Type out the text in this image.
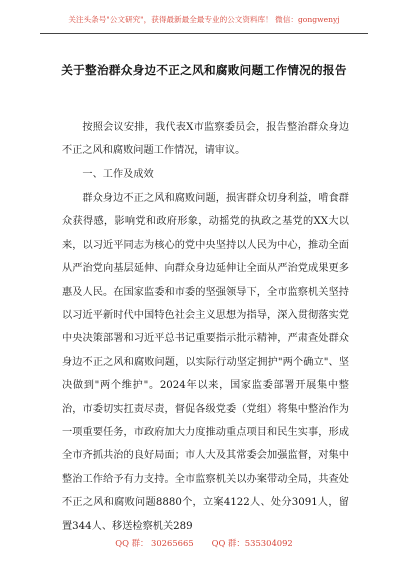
关注头条号"公文研究"，获得最新最全最专业的公文资料库！ 微信：gongwenyj
关于整治群众身边不正之风和腐败问题工作情况的报告

按照会议安排，我代表X市监察委员会，报告整治群众身边不正之风和腐败问题工作情况，请审议。

一、工作及成效

群众身边不正之风和腐败问题，损害群众切身利益，啃食群众获得感，影响党和政府形象，动摇党的执政之基党的XX大以来，以习近平同志为核心的党中央坚持以人民为中心，推动全面从严治党向基层延伸、向群众身边延伸让全面从严治党成果更多惠及人民。在国家监委和市委的坚强领导下，全市监察机关坚持以习近平新时代中国特色社会主义思想为指导，深入贯彻落实党中央决策部署和习近平总书记重要指示批示精神，严肃查处群众身边不正之风和腐败问题，以实际行动坚定拥护"两个确立"、坚决做到"两个维护"。2024年以来，国家监委部署开展集中整治，市委切实扛责尽责，督促各级党委（党组）将集中整治作为一项重要任务，市政府加大力度推动重点项目和民生实事，形成全市齐抓共治的良好局面；市人大及其常委会加强监督，对集中整治工作给予有力支持。全市监察机关以办案带动全局，共查处不正之风和腐败问题8880个，立案4122人、处分3091人，留置344人、移送检察机关289

QQ 群： 30265665 QQ 群：535304092
